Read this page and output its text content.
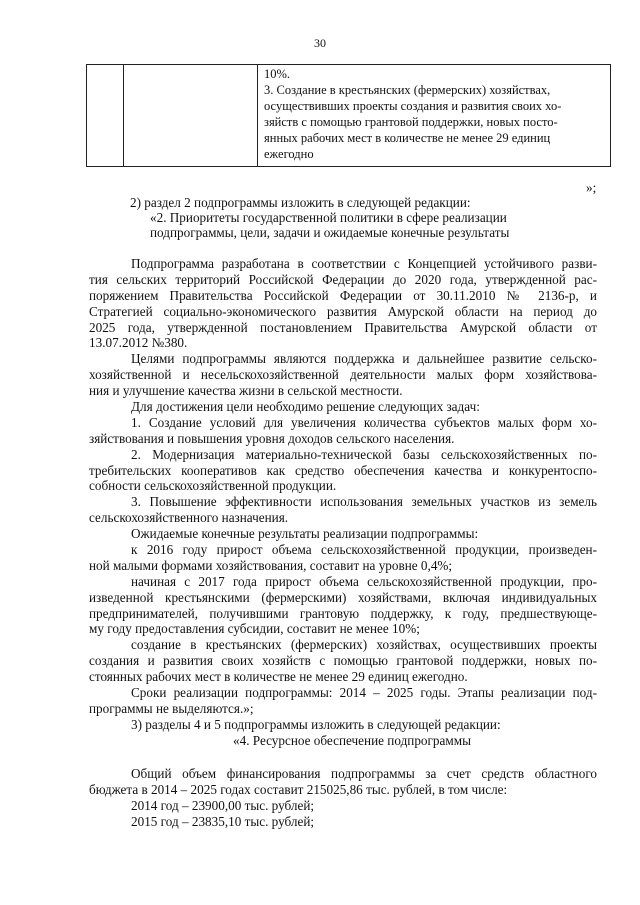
30

10%.
3. Создание в крестьянских (фермерских) хозяйствах,
осуществивших проекты создания и развития своих хо-
зяйств с помощью грантовой поддержки, новых посто-
янных рабочих мест в количестве не менее 29 единиц
ежегодно
»;
2) раздел 2 подпрограммы изложить в следующей редакции:
«2. Приоритеты государственной политики в сфере реализации
подпрограммы, цели, задачи и ожидаемые конечные результаты
Подпрограмма разработана в соответствии с Концепцией устойчивого разви-
тия сельских территорий Российской Федерации до 2020 года, утвержденной рас-
поряжением Правительства Российской Федерации от 30.11.2010 № 2136-р, и
Стратегией социально-экономического развития Амурской области на период до
2025 года, утвержденной постановлением Правительства Амурской области от
13.07.2012 №380.
Целями подпрограммы являются поддержка и дальнейшее развитие сельско-
хозяйственной и несельскохозяйственной деятельности малых форм хозяйствова-
ния и улучшение качества жизни в сельской местности.
Для достижения цели необходимо решение следующих задач:
1. Создание условий для увеличения количества субъектов малых форм хо-
зяйствования и повышения уровня доходов сельского населения.
2. Модернизация материально-технической базы сельскохозяйственных по-
требительских кооперативов как средство обеспечения качества и конкурентоспо-
собности сельскохозяйственной продукции.
3. Повышение эффективности использования земельных участков из земель
сельскохозяйственного назначения.
Ожидаемые конечные результаты реализации подпрограммы:
к 2016 году прирост объема сельскохозяйственной продукции, произведен-
ной малыми формами хозяйствования, составит на уровне 0,4%;
начиная с 2017 года прирост объема сельскохозяйственной продукции, про-
изведенной крестьянскими (фермерскими) хозяйствами, включая индивидуальных
предпринимателей, получившими грантовую поддержку, к году, предшествующе-
му году предоставления субсидии, составит не менее 10%;
создание в крестьянских (фермерских) хозяйствах, осуществивших проекты
создания и развития своих хозяйств с помощью грантовой поддержки, новых по-
стоянных рабочих мест в количестве не менее 29 единиц ежегодно.
Сроки реализации подпрограммы: 2014 – 2025 годы. Этапы реализации под-
программы не выделяются.»;
3) разделы 4 и 5 подпрограммы изложить в следующей редакции:
«4. Ресурсное обеспечение подпрограммы
Общий объем финансирования подпрограммы за счет средств областного
бюджета в 2014 – 2025 годах составит 215025,86 тыс. рублей, в том числе:
2014 год – 23900,00 тыс. рублей;
2015 год – 23835,10 тыс. рублей;
